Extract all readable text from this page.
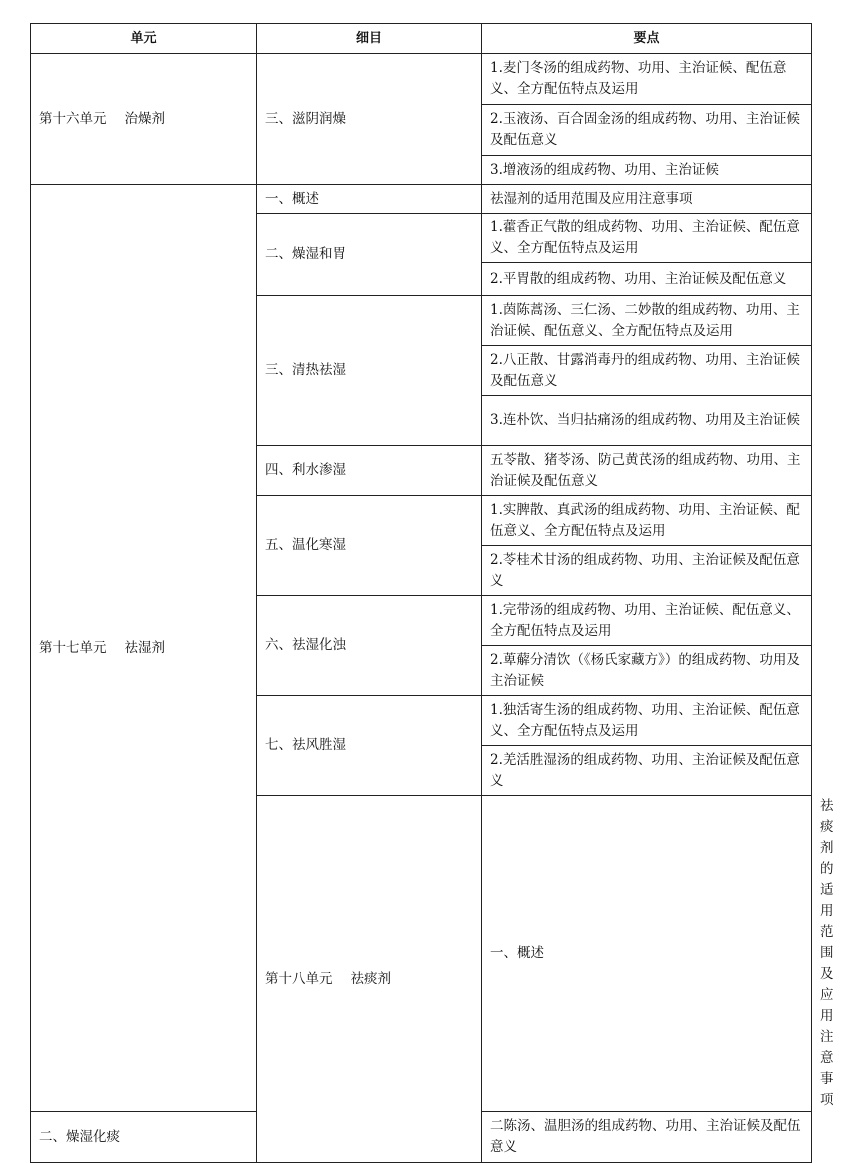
单元	细目	要点	
第十六单元 治燥剂	三、滋阴润燥	1.麦门冬汤的组成药物、功用、主治证候、配伍意义、全方配伍特点及运用	
		2.玉液汤、百合固金汤的组成药物、功用、主治证候及配伍意义	
		3.增液汤的组成药物、功用、主治证候	
第十七单元 祛湿剂	一、概述	祛湿剂的适用范围及应用注意事项	
	二、燥湿和胃	1.藿香正气散的组成药物、功用、主治证候、配伍意义、全方配伍特点及运用	
		2.平胃散的组成药物、功用、主治证候及配伍意义	
	三、清热祛湿	1.茵陈蒿汤、三仁汤、二妙散的组成药物、功用、主治证候、配伍意义、全方配伍特点及运用	
		2.八正散、甘露消毒丹的组成药物、功用、主治证候及配伍意义	
		3.连朴饮、当归拈痛汤的组成药物、功用及主治证候	
	四、利水渗湿	五苓散、猪苓汤、防己黄芪汤的组成药物、功用、主治证候及配伍意义	
	五、温化寒湿	1.实脾散、真武汤的组成药物、功用、主治证候、配伍意义、全方配伍特点及运用	
		2.苓桂术甘汤的组成药物、功用、主治证候及配伍意义	
	六、祛湿化浊	1.完带汤的组成药物、功用、主治证候、配伍意义、全方配伍特点及运用	
		2.萆薢分清饮（《杨氏家藏方》）的组成药物、功用及主治证候	
	七、祛风胜湿	1.独活寄生汤的组成药物、功用、主治证候、配伍意义、全方配伍特点及运用	
		2.羌活胜湿汤的组成药物、功用、主治证候及配伍意义	
	第十八单元 祛痰剂	一、概述	祛痰剂的适用范围及应用注意事项
二、燥湿化痰		二陈汤、温胆汤的组成药物、功用、主治证候及配伍意义	
